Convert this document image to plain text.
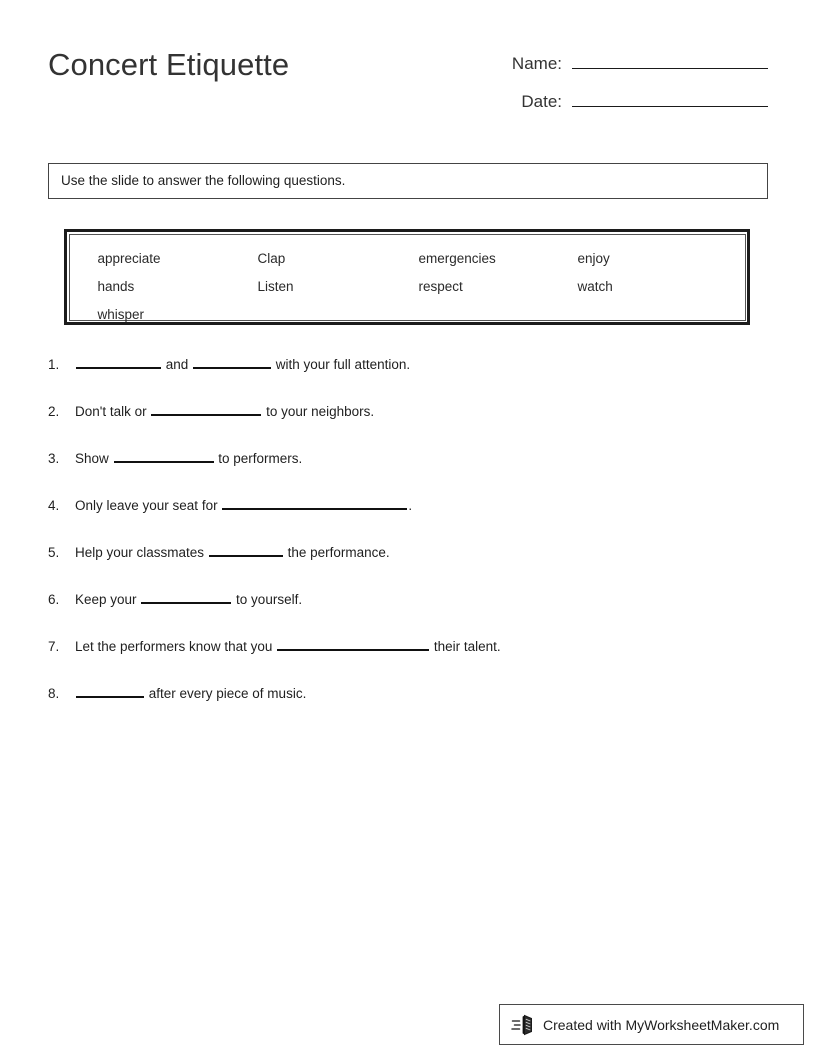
Concert Etiquette	Name:
Date:
Use the slide to answer the following questions.
appreciate	Clap	emergencies	enjoy
hands	Listen	respect	watch
whisper
1.	and	with your full attention.
2.	Don't talk or	to your neighbors.
3.	Show	to performers.
4.	Only leave your seat for	.
5.	Help your classmates	the performance.
6.	Keep your	to yourself.
7.	Let the performers know that you	their talent.
8.	after every piece of music.
Created with MyWorksheetMaker.com
